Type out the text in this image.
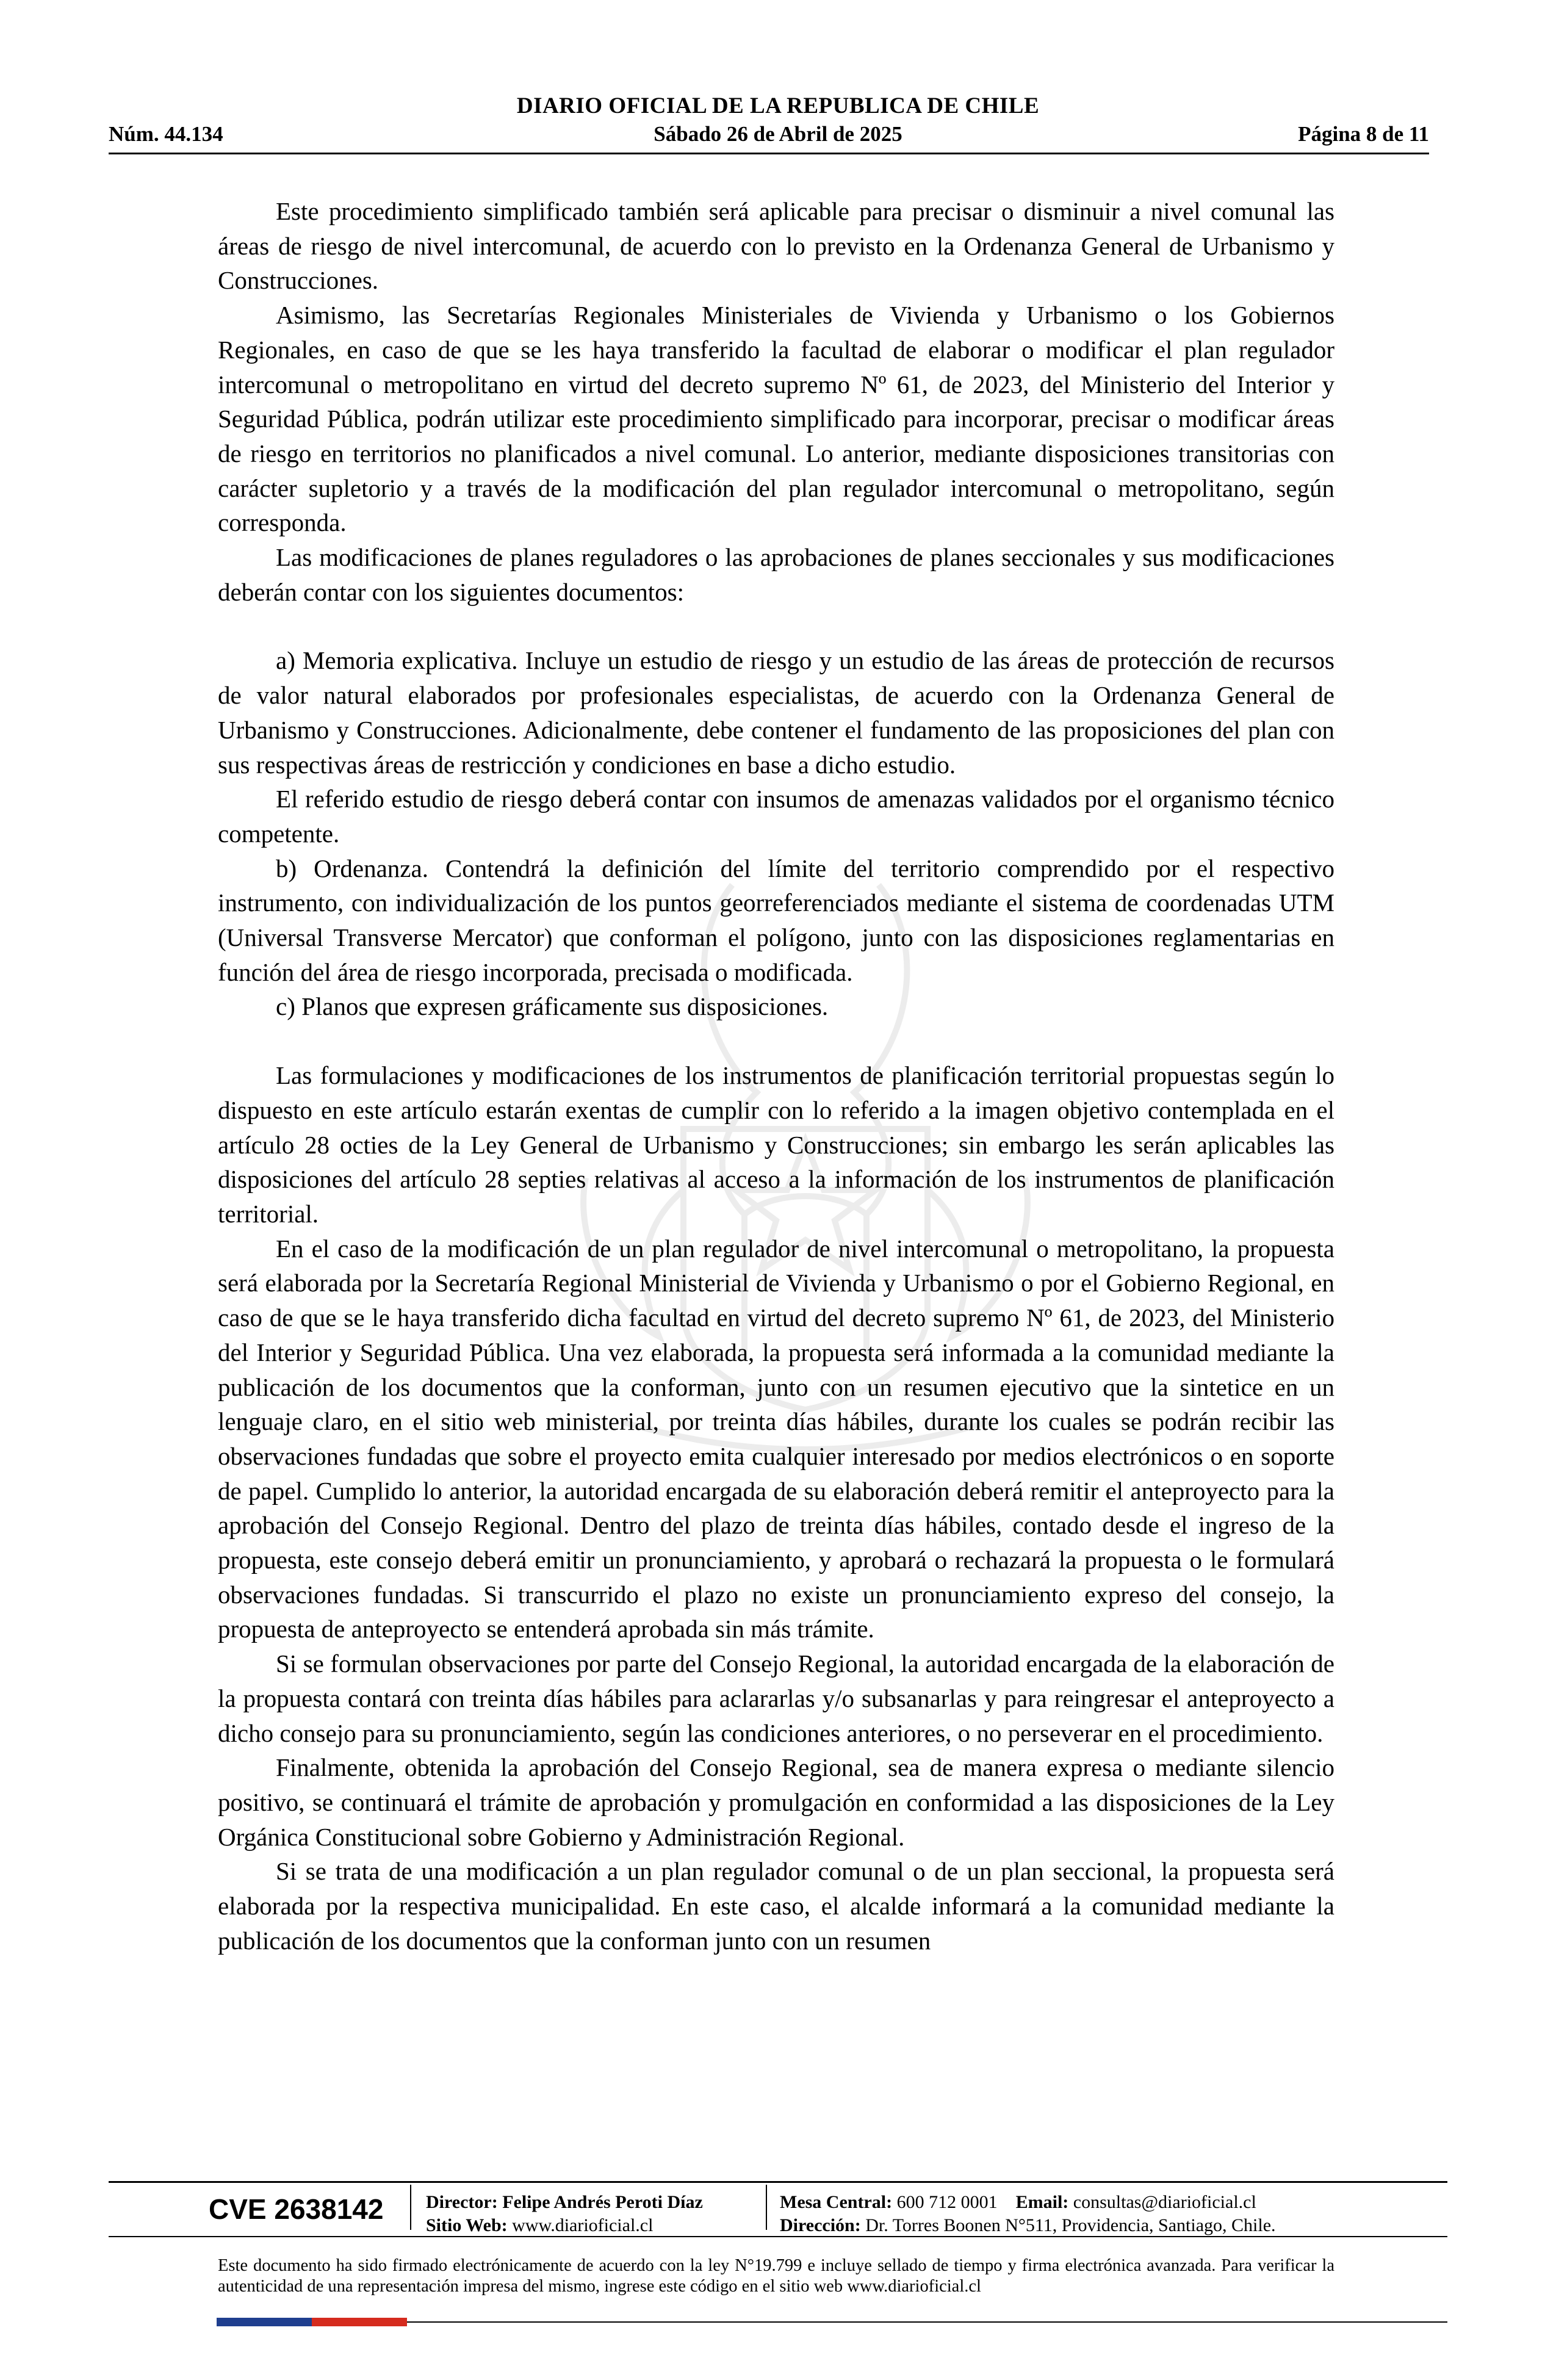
DIARIO OFICIAL DE LA REPUBLICA DE CHILE
Núm. 44.134	Sábado 26 de Abril de 2025	Página 8 de 11

Este procedimiento simplificado también será aplicable para precisar o disminuir a nivel comunal las áreas de riesgo de nivel intercomunal, de acuerdo con lo previsto en la Ordenanza General de Urbanismo y Construcciones.

Asimismo, las Secretarías Regionales Ministeriales de Vivienda y Urbanismo o los Gobiernos Regionales, en caso de que se les haya transferido la facultad de elaborar o modificar el plan regulador intercomunal o metropolitano en virtud del decreto supremo Nº 61, de 2023, del Ministerio del Interior y Seguridad Pública, podrán utilizar este procedimiento simplificado para incorporar, precisar o modificar áreas de riesgo en territorios no planificados a nivel comunal. Lo anterior, mediante disposiciones transitorias con carácter supletorio y a través de la modificación del plan regulador intercomunal o metropolitano, según corresponda.

Las modificaciones de planes reguladores o las aprobaciones de planes seccionales y sus modificaciones deberán contar con los siguientes documentos:

a) Memoria explicativa. Incluye un estudio de riesgo y un estudio de las áreas de protección de recursos de valor natural elaborados por profesionales especialistas, de acuerdo con la Ordenanza General de Urbanismo y Construcciones. Adicionalmente, debe contener el fundamento de las proposiciones del plan con sus respectivas áreas de restricción y condiciones en base a dicho estudio.

El referido estudio de riesgo deberá contar con insumos de amenazas validados por el organismo técnico competente.

b) Ordenanza. Contendrá la definición del límite del territorio comprendido por el respectivo instrumento, con individualización de los puntos georreferenciados mediante el sistema de coordenadas UTM (Universal Transverse Mercator) que conforman el polígono, junto con las disposiciones reglamentarias en función del área de riesgo incorporada, precisada o modificada.

c) Planos que expresen gráficamente sus disposiciones.

Las formulaciones y modificaciones de los instrumentos de planificación territorial propuestas según lo dispuesto en este artículo estarán exentas de cumplir con lo referido a la imagen objetivo contemplada en el artículo 28 octies de la Ley General de Urbanismo y Construcciones; sin embargo les serán aplicables las disposiciones del artículo 28 septies relativas al acceso a la información de los instrumentos de planificación territorial.

En el caso de la modificación de un plan regulador de nivel intercomunal o metropolitano, la propuesta será elaborada por la Secretaría Regional Ministerial de Vivienda y Urbanismo o por el Gobierno Regional, en caso de que se le haya transferido dicha facultad en virtud del decreto supremo Nº 61, de 2023, del Ministerio del Interior y Seguridad Pública. Una vez elaborada, la propuesta será informada a la comunidad mediante la publicación de los documentos que la conforman, junto con un resumen ejecutivo que la sintetice en un lenguaje claro, en el sitio web ministerial, por treinta días hábiles, durante los cuales se podrán recibir las observaciones fundadas que sobre el proyecto emita cualquier interesado por medios electrónicos o en soporte de papel. Cumplido lo anterior, la autoridad encargada de su elaboración deberá remitir el anteproyecto para la aprobación del Consejo Regional. Dentro del plazo de treinta días hábiles, contado desde el ingreso de la propuesta, este consejo deberá emitir un pronunciamiento, y aprobará o rechazará la propuesta o le formulará observaciones fundadas. Si transcurrido el plazo no existe un pronunciamiento expreso del consejo, la propuesta de anteproyecto se entenderá aprobada sin más trámite.

Si se formulan observaciones por parte del Consejo Regional, la autoridad encargada de la elaboración de la propuesta contará con treinta días hábiles para aclararlas y/o subsanarlas y para reingresar el anteproyecto a dicho consejo para su pronunciamiento, según las condiciones anteriores, o no perseverar en el procedimiento.

Finalmente, obtenida la aprobación del Consejo Regional, sea de manera expresa o mediante silencio positivo, se continuará el trámite de aprobación y promulgación en conformidad a las disposiciones de la Ley Orgánica Constitucional sobre Gobierno y Administración Regional.

Si se trata de una modificación a un plan regulador comunal o de un plan seccional, la propuesta será elaborada por la respectiva municipalidad. En este caso, el alcalde informará a la comunidad mediante la publicación de los documentos que la conforman junto con un resumen

CVE 2638142	Director: Felipe Andrés Peroti Díaz
Sitio Web: www.diarioficial.cl
Mesa Central: 600 712 0001 Email: consultas@diarioficial.cl
Dirección: Dr. Torres Boonen N°511, Providencia, Santiago, Chile.
Este documento ha sido firmado electrónicamente de acuerdo con la ley N°19.799 e incluye sellado de tiempo y firma electrónica avanzada. Para verificar la autenticidad de una representación impresa del mismo, ingrese este código en el sitio web www.diarioficial.cl
